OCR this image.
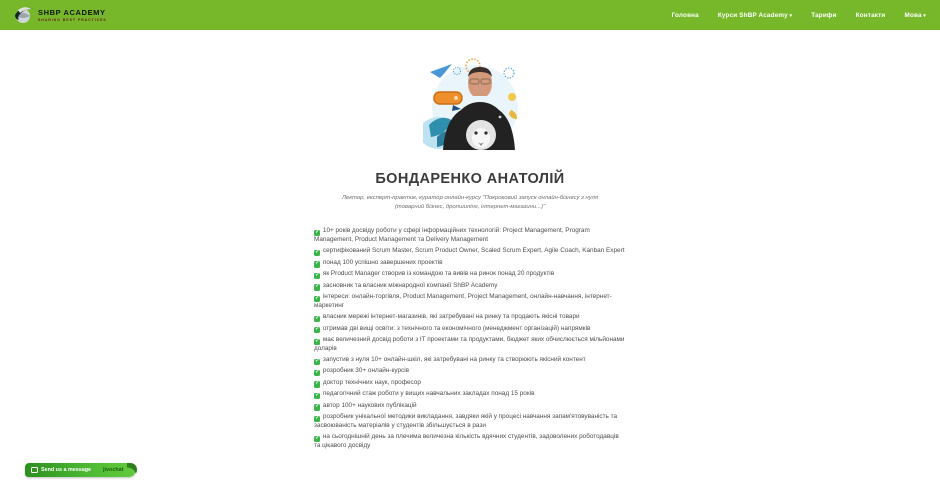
SHBP ACADEMY
SHARING BEST PRACTICES
Головна	Курси ShBP Academy ▾	Тарифи	Контакти	Мова ▾
БОНДАРЕНКО АНАТОЛІЙ

Лектор, експерт-практик, куратор онлайн-курсу "Покроковий запуск онлайн-бізнесу з нуля (товарний бізнес, дропшипінг, інтернет-магазини...)"

✓ 10+ років досвіду роботи у сфері інформаційних технологій: Project Management, Program Management, Product Management та Delivery Management
✓ сертифікований Scrum Master, Scrum Product Owner, Scaled Scrum Expert, Agile Coach, Kanban Expert
✓ понад 100 успішно завершених проектів
✓ як Product Manager створив із командою та вивів на ринок понад 20 продуктів
✓ засновник та власник міжнародної компанії ShBP Academy
✓ інтереси: онлайн-торгівля, Product Management, Project Management, онлайн-навчання, інтернет-маркетинг
✓ власник мережі інтернет-магазинів, які затребувані на ринку та продають якісні товари
✓ отримав дві вищі освіти: з технічного та економічного (менеджмент організацій) напрямків
✓ має величезний досвід роботи з IT проектами та продуктами, бюджет яких обчислюється мільйонами доларів
✓ запустив з нуля 10+ онлайн-шкіл, які затребувані на ринку та створюють якісний контент
✓ розробник 30+ онлайн-курсів
✓ доктор технічних наук, професор
✓ педагогічний стаж роботи у вищих навчальних закладах понад 15 років
✓ автор 100+ наукових публікацій
✓ розробник унікальної методики викладання, завдяки якій у процесі навчання запам'ятовуваність та засвоюваність матеріалів у студентів збільшується в рази
✓ на сьогоднішній день за плечима величезна кількість вдячних студентів, задоволених роботодавців та цікавого досвіду
Send us a message jivochat
